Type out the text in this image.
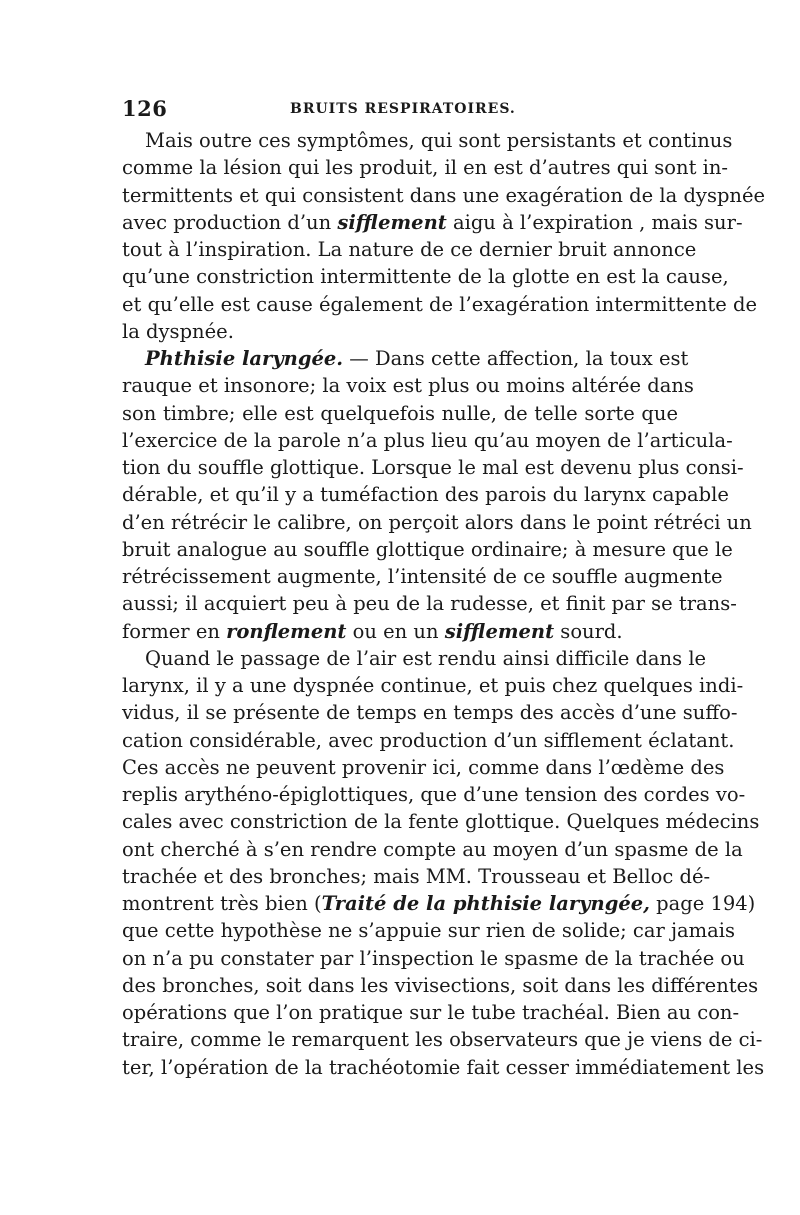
126	BRUITS RESPIRATOIRES.
Mais outre ces symptômes, qui sont persistants et continus
comme la lésion qui les produit, il en est d’autres qui sont in-
termittents et qui consistent dans une exagération de la dyspnée
avec production d’un sifflement aigu à l’expiration , mais sur-
tout à l’inspiration. La nature de ce dernier bruit annonce
qu’une constriction intermittente de la glotte en est la cause,
et qu’elle est cause également de l’exagération intermittente de
la dyspnée.
Phthisie laryngée. — Dans cette affection, la toux est
rauque et insonore; la voix est plus ou moins altérée dans
son timbre; elle est quelquefois nulle, de telle sorte que
l’exercice de la parole n’a plus lieu qu’au moyen de l’articula-
tion du souffle glottique. Lorsque le mal est devenu plus consi-
dérable, et qu’il y a tuméfaction des parois du larynx capable
d’en rétrécir le calibre, on perçoit alors dans le point rétréci un
bruit analogue au souffle glottique ordinaire; à mesure que le
rétrécissement augmente, l’intensité de ce souffle augmente
aussi; il acquiert peu à peu de la rudesse, et finit par se trans-
former en ronflement ou en un sifflement sourd.
Quand le passage de l’air est rendu ainsi difficile dans le
larynx, il y a une dyspnée continue, et puis chez quelques indi-
vidus, il se présente de temps en temps des accès d’une suffo-
cation considérable, avec production d’un sifflement éclatant.
Ces accès ne peuvent provenir ici, comme dans l’œdème des
replis arythéno-épiglottiques, que d’une tension des cordes vo-
cales avec constriction de la fente glottique. Quelques médecins
ont cherché à s’en rendre compte au moyen d’un spasme de la
trachée et des bronches; mais MM. Trousseau et Belloc dé-
montrent très bien (Traité de la phthisie laryngée, page 194)
que cette hypothèse ne s’appuie sur rien de solide; car jamais
on n’a pu constater par l’inspection le spasme de la trachée ou
des bronches, soit dans les vivisections, soit dans les différentes
opérations que l’on pratique sur le tube trachéal. Bien au con-
traire, comme le remarquent les observateurs que je viens de ci-
ter, l’opération de la trachéotomie fait cesser immédiatement les
